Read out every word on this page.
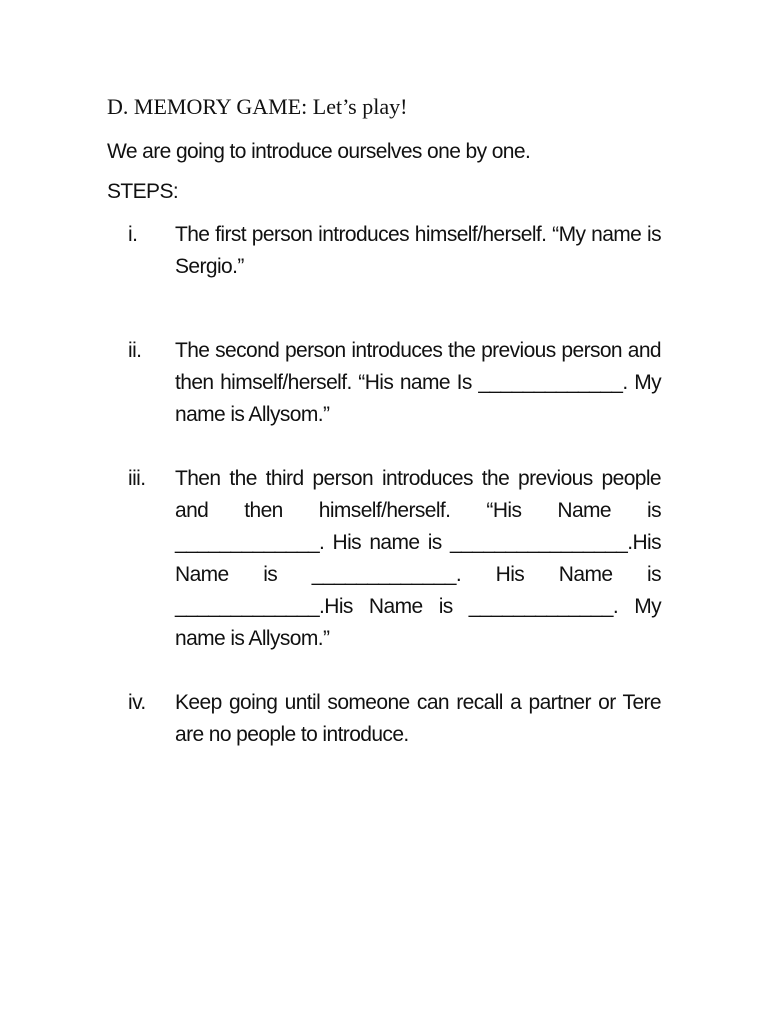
D. MEMORY GAME: Let’s play!
We are going to introduce ourselves one by one.
STEPS:
i. The first person introduces himself/herself. “My name is Sergio.”
ii. The second person introduces the previous person and then himself/herself. “His name Is _____________. My name is Allysom.”
iii. Then the third person introduces the previous people and then himself/herself. “His Name is _____________. His name is ________________.His Name is _____________. His Name is _____________.His Name is _____________. My name is Allysom.”
iv. Keep going until someone can recall a partner or Tere are no people to introduce.
